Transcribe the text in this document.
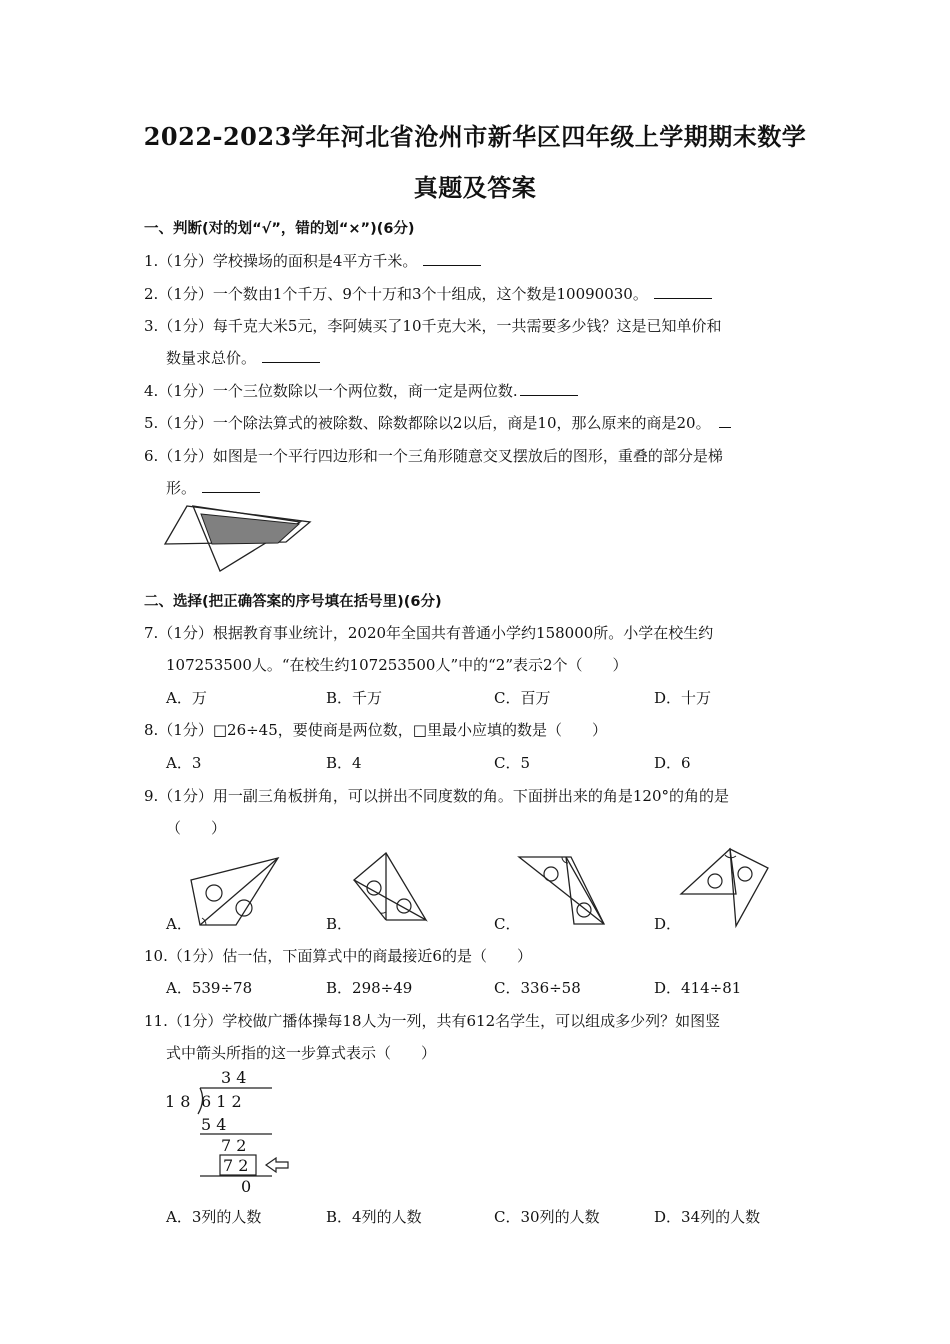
2022-2023学年河北省沧州市新华区四年级上学期期末数学
真题及答案
一、判断(对的划“√”，错的划“×”)(6分)
1.（1分）学校操场的面积是4平方千米。
2.（1分）一个数由1个千万、9个十万和3个十组成，这个数是10090030。
3.（1分）每千克大米5元，李阿姨买了10千克大米，一共需要多少钱？这是已知单价和
数量求总价。
4.（1分）一个三位数除以一个两位数，商一定是两位数.
5.（1分）一个除法算式的被除数、除数都除以2以后，商是10，那么原来的商是20。
6.（1分）如图是一个平行四边形和一个三角形随意交叉摆放后的图形，重叠的部分是梯
形。
二、选择(把正确答案的序号填在括号里)(6分)
7.（1分）根据教育事业统计，2020年全国共有普通小学约158000所。小学在校生约
107253500人。“在校生约107253500人”中的“2”表示2个（　　）
A．万	B．千万	C．百万	D．十万
8.（1分）□26÷45，要使商是两位数，□里最小应填的数是（　　）
A．3	B．4	C．5	D．6
9.（1分）用一副三角板拼角，可以拼出不同度数的角。下面拼出来的角是120°的角的是
（　　）
A．	B．	C．	D．
10.（1分）估一估，下面算式中的商最接近6的是（　　）
A．539÷78	B．298÷49	C．336÷58	D．414÷81
11.（1分）学校做广播体操每18人为一列，共有612名学生，可以组成多少列？如图竖
式中箭头所指的这一步算式表示（　　）
3 4
1 8 6 1 2
5 4
7 2
7 2
0
A．3列的人数	B．4列的人数	C．30列的人数	D．34列的人数
